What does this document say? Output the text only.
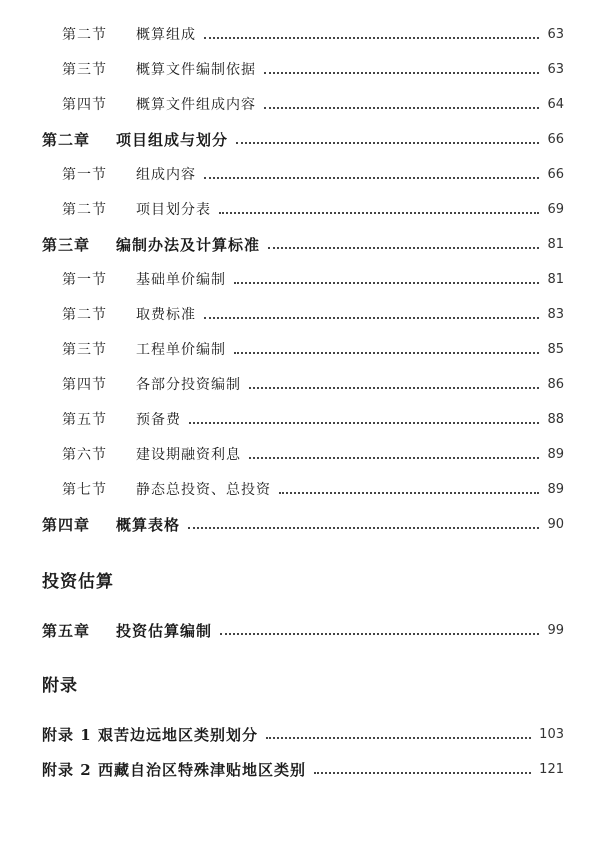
第二节	概算组成	63
第三节	概算文件编制依据	63
第四节	概算文件组成内容	64
第二章	项目组成与划分	66
第一节	组成内容	66
第二节	项目划分表	69
第三章	编制办法及计算标准	81
第一节	基础单价编制	81
第二节	取费标准	83
第三节	工程单价编制	85
第四节	各部分投资编制	86
第五节	预备费	88
第六节	建设期融资利息	89
第七节	静态总投资、总投资	89
第四章	概算表格	90
投资估算
第五章	投资估算编制	99
附录
附录 1 艰苦边远地区类别划分	103
附录 2 西藏自治区特殊津贴地区类别	121
